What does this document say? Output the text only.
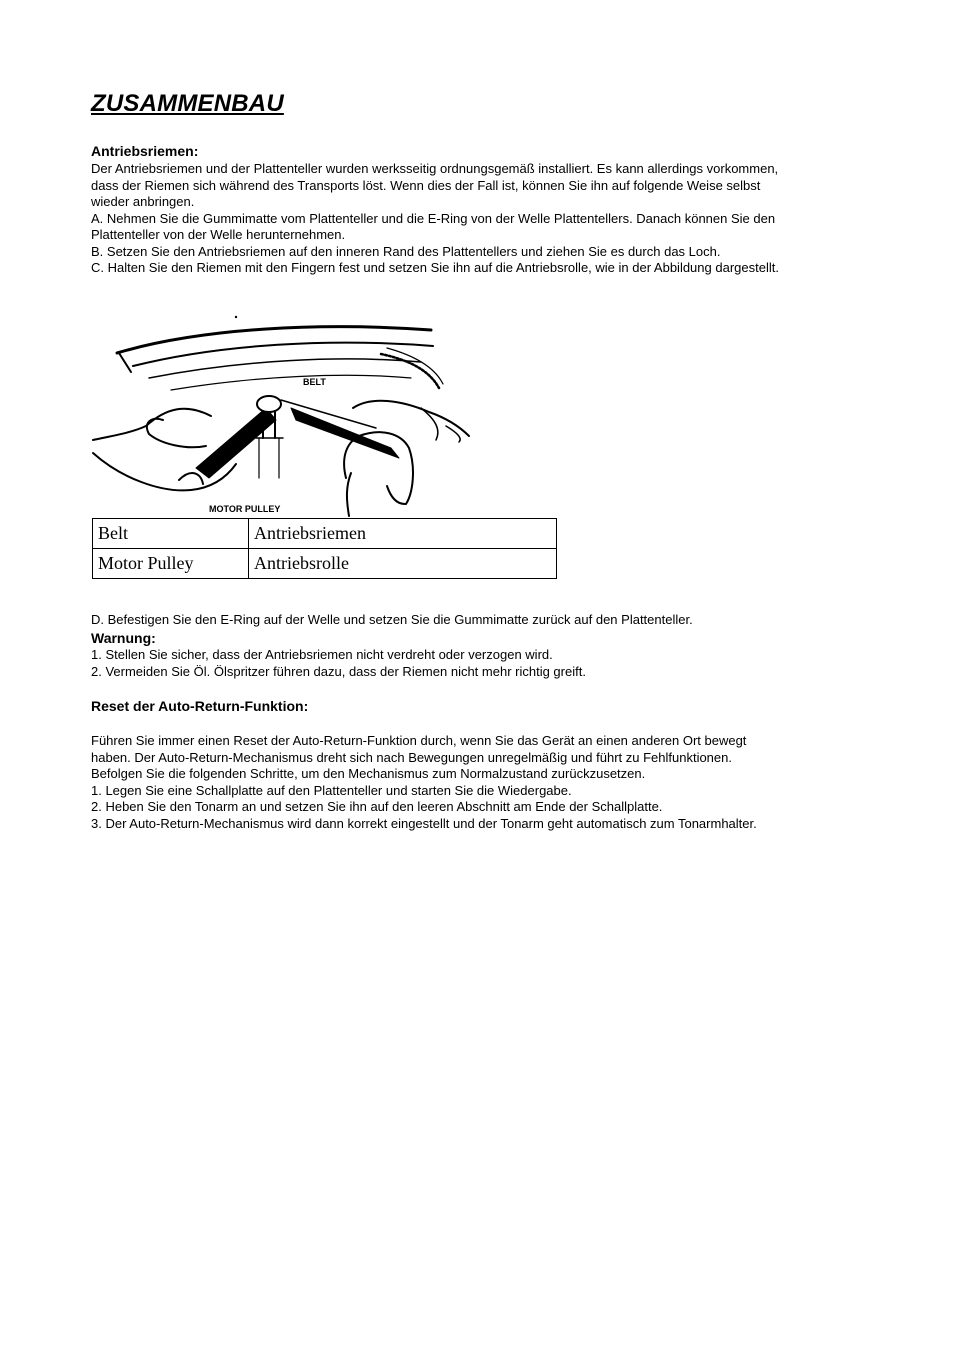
ZUSAMMENBAU
Antriebsriemen:
Der Antriebsriemen und der Plattenteller wurden werksseitig ordnungsgemäß installiert. Es kann allerdings vorkommen,
dass der Riemen sich während des Transports löst. Wenn dies der Fall ist, können Sie ihn auf folgende Weise selbst
wieder anbringen.
A. Nehmen Sie die Gummimatte vom Plattenteller und die E-Ring von der Welle Plattentellers. Danach können Sie den
Plattenteller von der Welle herunternehmen.
B. Setzen Sie den Antriebsriemen auf den inneren Rand des Plattentellers und ziehen Sie es durch das Loch.
C. Halten Sie den Riemen mit den Fingern fest und setzen Sie ihn auf die Antriebsrolle, wie in der Abbildung dargestellt.
BELT
MOTOR PULLEY
Belt	Antriebsriemen
Motor Pulley	Antriebsrolle
D. Befestigen Sie den E-Ring auf der Welle und setzen Sie die Gummimatte zurück auf den Plattenteller.
Warnung:
1. Stellen Sie sicher, dass der Antriebsriemen nicht verdreht oder verzogen wird.
2. Vermeiden Sie Öl. Ölspritzer führen dazu, dass der Riemen nicht mehr richtig greift.
Reset der Auto-Return-Funktion:
Führen Sie immer einen Reset der Auto-Return-Funktion durch, wenn Sie das Gerät an einen anderen Ort bewegt
haben. Der Auto-Return-Mechanismus dreht sich nach Bewegungen unregelmäßig und führt zu Fehlfunktionen.
Befolgen Sie die folgenden Schritte, um den Mechanismus zum Normalzustand zurückzusetzen.
1. Legen Sie eine Schallplatte auf den Plattenteller und starten Sie die Wiedergabe.
2. Heben Sie den Tonarm an und setzen Sie ihn auf den leeren Abschnitt am Ende der Schallplatte.
3. Der Auto-Return-Mechanismus wird dann korrekt eingestellt und der Tonarm geht automatisch zum Tonarmhalter.
